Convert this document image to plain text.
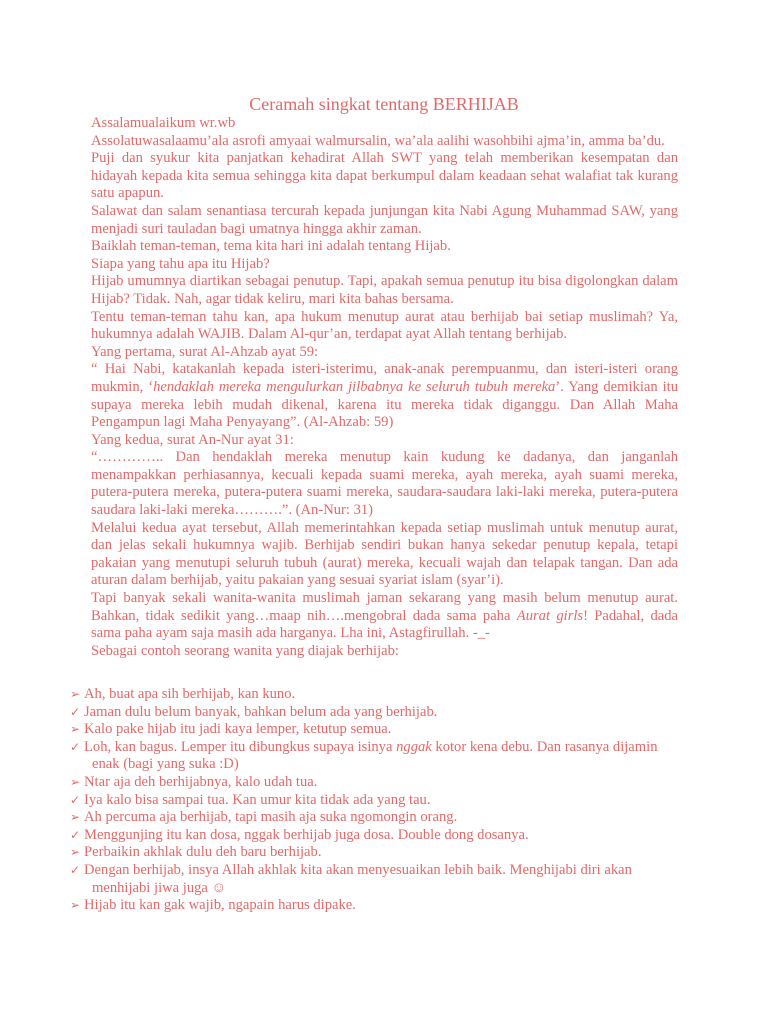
Ceramah singkat tentang BERHIJAB

Assalamualaikum wr.wb

Assolatuwasalaamu’ala asrofi amyaai walmursalin, wa’ala aalihi wasohbihi ajma’in, amma ba’du.

Puji dan syukur kita panjatkan kehadirat Allah SWT yang telah memberikan kesempatan dan hidayah kepada kita semua sehingga kita dapat berkumpul dalam keadaan sehat walafiat tak kurang satu apapun.

Salawat dan salam senantiasa tercurah kepada junjungan kita Nabi Agung Muhammad SAW, yang menjadi suri tauladan bagi umatnya hingga akhir zaman.

Baiklah teman-teman, tema kita hari ini adalah tentang Hijab.

Siapa yang tahu apa itu Hijab?

Hijab umumnya diartikan sebagai penutup. Tapi, apakah semua penutup itu bisa digolongkan dalam Hijab? Tidak. Nah, agar tidak keliru, mari kita bahas bersama.

Tentu teman-teman tahu kan, apa hukum menutup aurat atau berhijab bai setiap muslimah? Ya, hukumnya adalah WAJIB. Dalam Al-qur’an, terdapat ayat Allah tentang berhijab.

Yang pertama, surat Al-Ahzab ayat 59:

“ Hai Nabi, katakanlah kepada isteri-isterimu, anak-anak perempuanmu, dan isteri-isteri orang mukmin, ‘hendaklah mereka mengulurkan jilbabnya ke seluruh tubuh mereka’. Yang demikian itu supaya mereka lebih mudah dikenal, karena itu mereka tidak diganggu. Dan Allah Maha Pengampun lagi Maha Penyayang”. (Al-Ahzab: 59)

Yang kedua, surat An-Nur ayat 31:

“………….. Dan hendaklah mereka menutup kain kudung ke dadanya, dan janganlah menampakkan perhiasannya, kecuali kepada suami mereka, ayah mereka, ayah suami mereka, putera-putera mereka, putera-putera suami mereka, saudara-saudara laki-laki mereka, putera-putera saudara laki-laki mereka……….”. (An-Nur: 31)

Melalui kedua ayat tersebut, Allah memerintahkan kepada setiap muslimah untuk menutup aurat, dan jelas sekali hukumnya wajib. Berhijab sendiri bukan hanya sekedar penutup kepala, tetapi pakaian yang menutupi seluruh tubuh (aurat) mereka, kecuali wajah dan telapak tangan. Dan ada aturan dalam berhijab, yaitu pakaian yang sesuai syariat islam (syar’i).

Tapi banyak sekali wanita-wanita muslimah jaman sekarang yang masih belum menutup aurat. Bahkan, tidak sedikit yang…maap nih….mengobral dada sama paha Aurat girls! Padahal, dada sama paha ayam saja masih ada harganya. Lha ini, Astagfirullah. -_-

Sebagai contoh seorang wanita yang diajak berhijab:

➢ Ah, buat apa sih berhijab, kan kuno.
✓ Jaman dulu belum banyak, bahkan belum ada yang berhijab.
➢ Kalo pake hijab itu jadi kaya lemper, ketutup semua.
✓ Loh, kan bagus. Lemper itu dibungkus supaya isinya nggak kotor kena debu. Dan rasanya dijamin
enak (bagi yang suka :D)
➢ Ntar aja deh berhijabnya, kalo udah tua.
✓ Iya kalo bisa sampai tua. Kan umur kita tidak ada yang tau.
➢ Ah percuma aja berhijab, tapi masih aja suka ngomongin orang.
✓ Menggunjing itu kan dosa, nggak berhijab juga dosa. Double dong dosanya.
➢ Perbaikin akhlak dulu deh baru berhijab.
✓ Dengan berhijab, insya Allah akhlak kita akan menyesuaikan lebih baik. Menghijabi diri akan
menhijabi jiwa juga ☺
➢ Hijab itu kan gak wajib, ngapain harus dipake.
